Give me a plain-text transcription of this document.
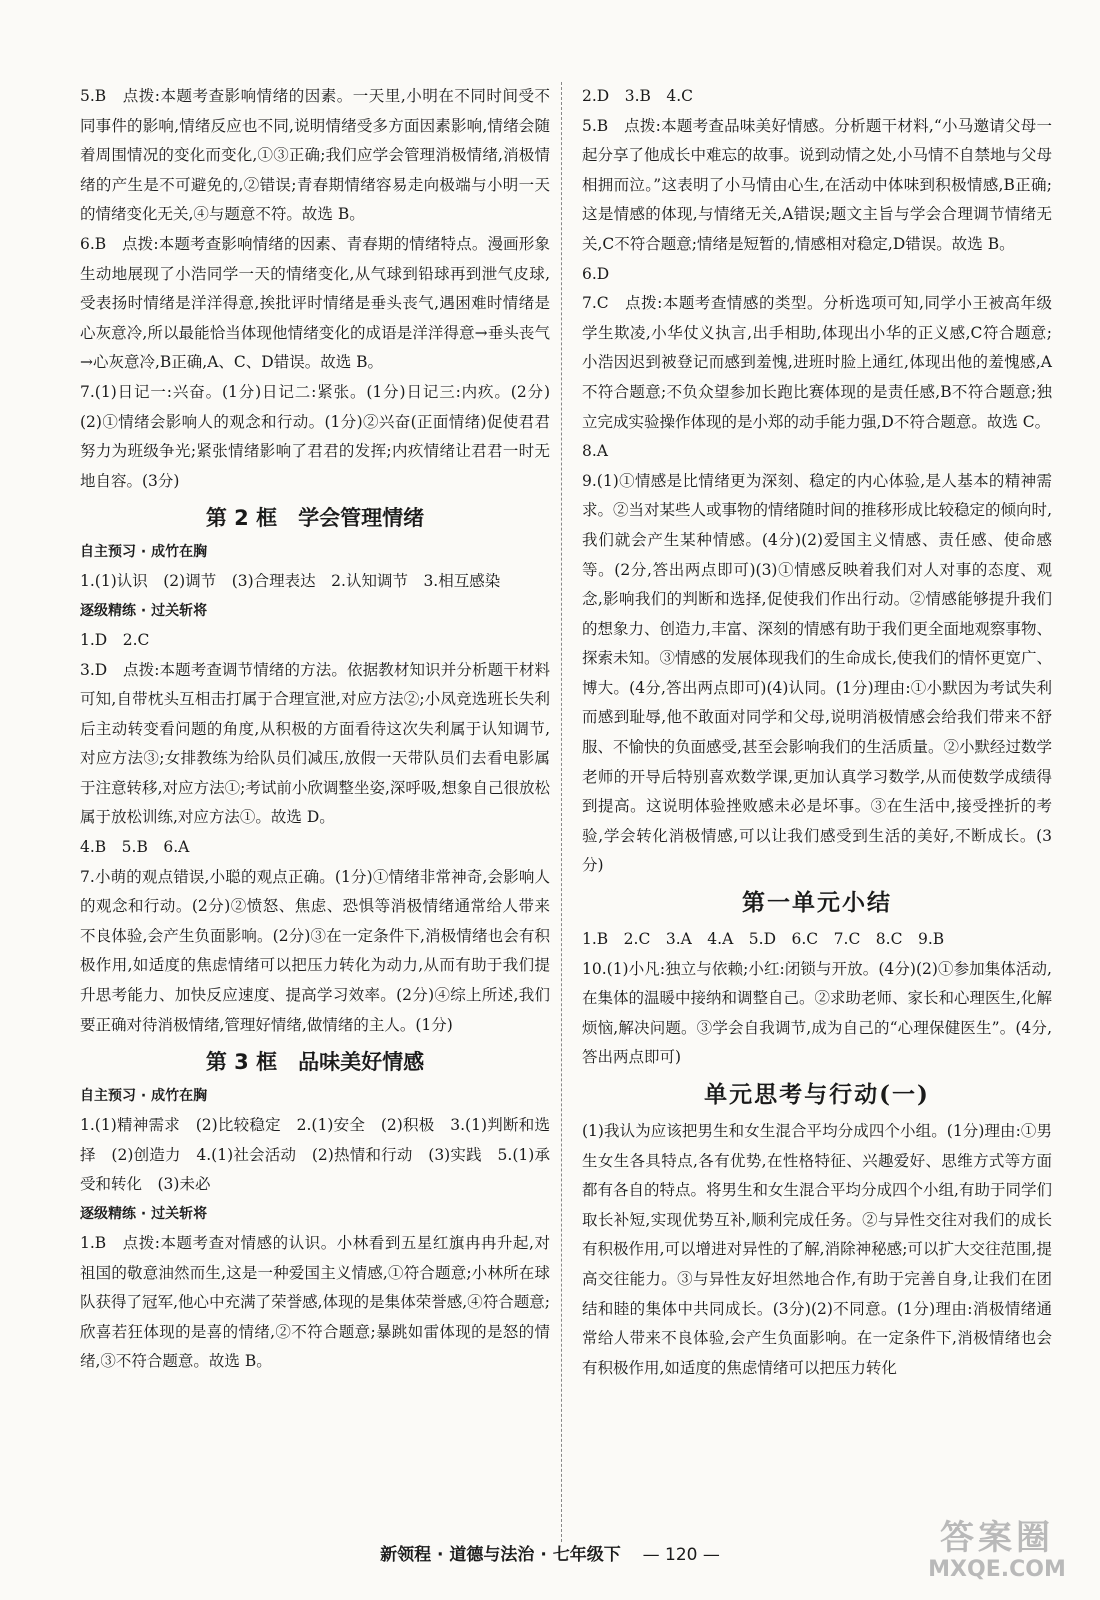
5.B　点拨:本题考查影响情绪的因素。一天里,小明在不同时间受不同事件的影响,情绪反应也不同,说明情绪受多方面因素影响,情绪会随着周围情况的变化而变化,①③正确;我们应学会管理消极情绪,消极情绪的产生是不可避免的,②错误;青春期情绪容易走向极端与小明一天的情绪变化无关,④与题意不符。故选 B。

6.B　点拨:本题考查影响情绪的因素、青春期的情绪特点。漫画形象生动地展现了小浩同学一天的情绪变化,从气球到铅球再到泄气皮球,受表扬时情绪是洋洋得意,挨批评时情绪是垂头丧气,遇困难时情绪是心灰意冷,所以最能恰当体现他情绪变化的成语是洋洋得意→垂头丧气→心灰意冷,B正确,A、C、D错误。故选 B。

7.(1)日记一:兴奋。(1分)日记二:紧张。(1分)日记三:内疚。(2分)(2)①情绪会影响人的观念和行动。(1分)②兴奋(正面情绪)促使君君努力为班级争光;紧张情绪影响了君君的发挥;内疚情绪让君君一时无地自容。(3分)

第 2 框　学会管理情绪

自主预习 · 成竹在胸

1.(1)认识　(2)调节　(3)合理表达　2.认知调节　3.相互感染

逐级精练 · 过关斩将

1.D　2.C

3.D　点拨:本题考查调节情绪的方法。依据教材知识并分析题干材料可知,自带枕头互相击打属于合理宣泄,对应方法②;小凤竞选班长失利后主动转变看问题的角度,从积极的方面看待这次失利属于认知调节,对应方法③;女排教练为给队员们减压,放假一天带队员们去看电影属于注意转移,对应方法①;考试前小欣调整坐姿,深呼吸,想象自己很放松属于放松训练,对应方法①。故选 D。

4.B　5.B　6.A

7.小萌的观点错误,小聪的观点正确。(1分)①情绪非常神奇,会影响人的观念和行动。(2分)②愤怒、焦虑、恐惧等消极情绪通常给人带来不良体验,会产生负面影响。(2分)③在一定条件下,消极情绪也会有积极作用,如适度的焦虑情绪可以把压力转化为动力,从而有助于我们提升思考能力、加快反应速度、提高学习效率。(2分)④综上所述,我们要正确对待消极情绪,管理好情绪,做情绪的主人。(1分)

第 3 框　品味美好情感

自主预习 · 成竹在胸

1.(1)精神需求　(2)比较稳定　2.(1)安全　(2)积极　3.(1)判断和选择　(2)创造力　4.(1)社会活动　(2)热情和行动　(3)实践　5.(1)承受和转化　(3)未必

逐级精练 · 过关斩将

1.B　点拨:本题考查对情感的认识。小林看到五星红旗冉冉升起,对祖国的敬意油然而生,这是一种爱国主义情感,①符合题意;小林所在球队获得了冠军,他心中充满了荣誉感,体现的是集体荣誉感,④符合题意;欣喜若狂体现的是喜的情绪,②不符合题意;暴跳如雷体现的是怒的情绪,③不符合题意。故选 B。

2.D　3.B　4.C

5.B　点拨:本题考查品味美好情感。分析题干材料,“小马邀请父母一起分享了他成长中难忘的故事。说到动情之处,小马情不自禁地与父母相拥而泣。”这表明了小马情由心生,在活动中体味到积极情感,B正确;这是情感的体现,与情绪无关,A错误;题文主旨与学会合理调节情绪无关,C不符合题意;情绪是短暂的,情感相对稳定,D错误。故选 B。

6.D

7.C　点拨:本题考查情感的类型。分析选项可知,同学小王被高年级学生欺凌,小华仗义执言,出手相助,体现出小华的正义感,C符合题意;小浩因迟到被登记而感到羞愧,进班时脸上通红,体现出他的羞愧感,A不符合题意;不负众望参加长跑比赛体现的是责任感,B不符合题意;独立完成实验操作体现的是小郑的动手能力强,D不符合题意。故选 C。

8.A

9.(1)①情感是比情绪更为深刻、稳定的内心体验,是人基本的精神需求。②当对某些人或事物的情绪随时间的推移形成比较稳定的倾向时,我们就会产生某种情感。(4分)(2)爱国主义情感、责任感、使命感等。(2分,答出两点即可)(3)①情感反映着我们对人对事的态度、观念,影响我们的判断和选择,促使我们作出行动。②情感能够提升我们的想象力、创造力,丰富、深刻的情感有助于我们更全面地观察事物、探索未知。③情感的发展体现我们的生命成长,使我们的情怀更宽广、博大。(4分,答出两点即可)(4)认同。(1分)理由:①小默因为考试失利而感到耻辱,他不敢面对同学和父母,说明消极情感会给我们带来不舒服、不愉快的负面感受,甚至会影响我们的生活质量。②小默经过数学老师的开导后特别喜欢数学课,更加认真学习数学,从而使数学成绩得到提高。这说明体验挫败感未必是坏事。③在生活中,接受挫折的考验,学会转化消极情感,可以让我们感受到生活的美好,不断成长。(3分)

第一单元小结

1.B　2.C　3.A　4.A　5.D　6.C　7.C　8.C　9.B

10.(1)小凡:独立与依赖;小红:闭锁与开放。(4分)(2)①参加集体活动,在集体的温暖中接纳和调整自己。②求助老师、家长和心理医生,化解烦恼,解决问题。③学会自我调节,成为自己的“心理保健医生”。(4分,答出两点即可)

单元思考与行动(一)

(1)我认为应该把男生和女生混合平均分成四个小组。(1分)理由:①男生女生各具特点,各有优势,在性格特征、兴趣爱好、思维方式等方面都有各自的特点。将男生和女生混合平均分成四个小组,有助于同学们取长补短,实现优势互补,顺利完成任务。②与异性交往对我们的成长有积极作用,可以增进对异性的了解,消除神秘感;可以扩大交往范围,提高交往能力。③与异性友好坦然地合作,有助于完善自身,让我们在团结和睦的集体中共同成长。(3分)(2)不同意。(1分)理由:消极情绪通常给人带来不良体验,会产生负面影响。在一定条件下,消极情绪也会有积极作用,如适度的焦虑情绪可以把压力转化

新领程 · 道德与法治 · 七年级下 — 120 —	答案圈
MXQE.COM
